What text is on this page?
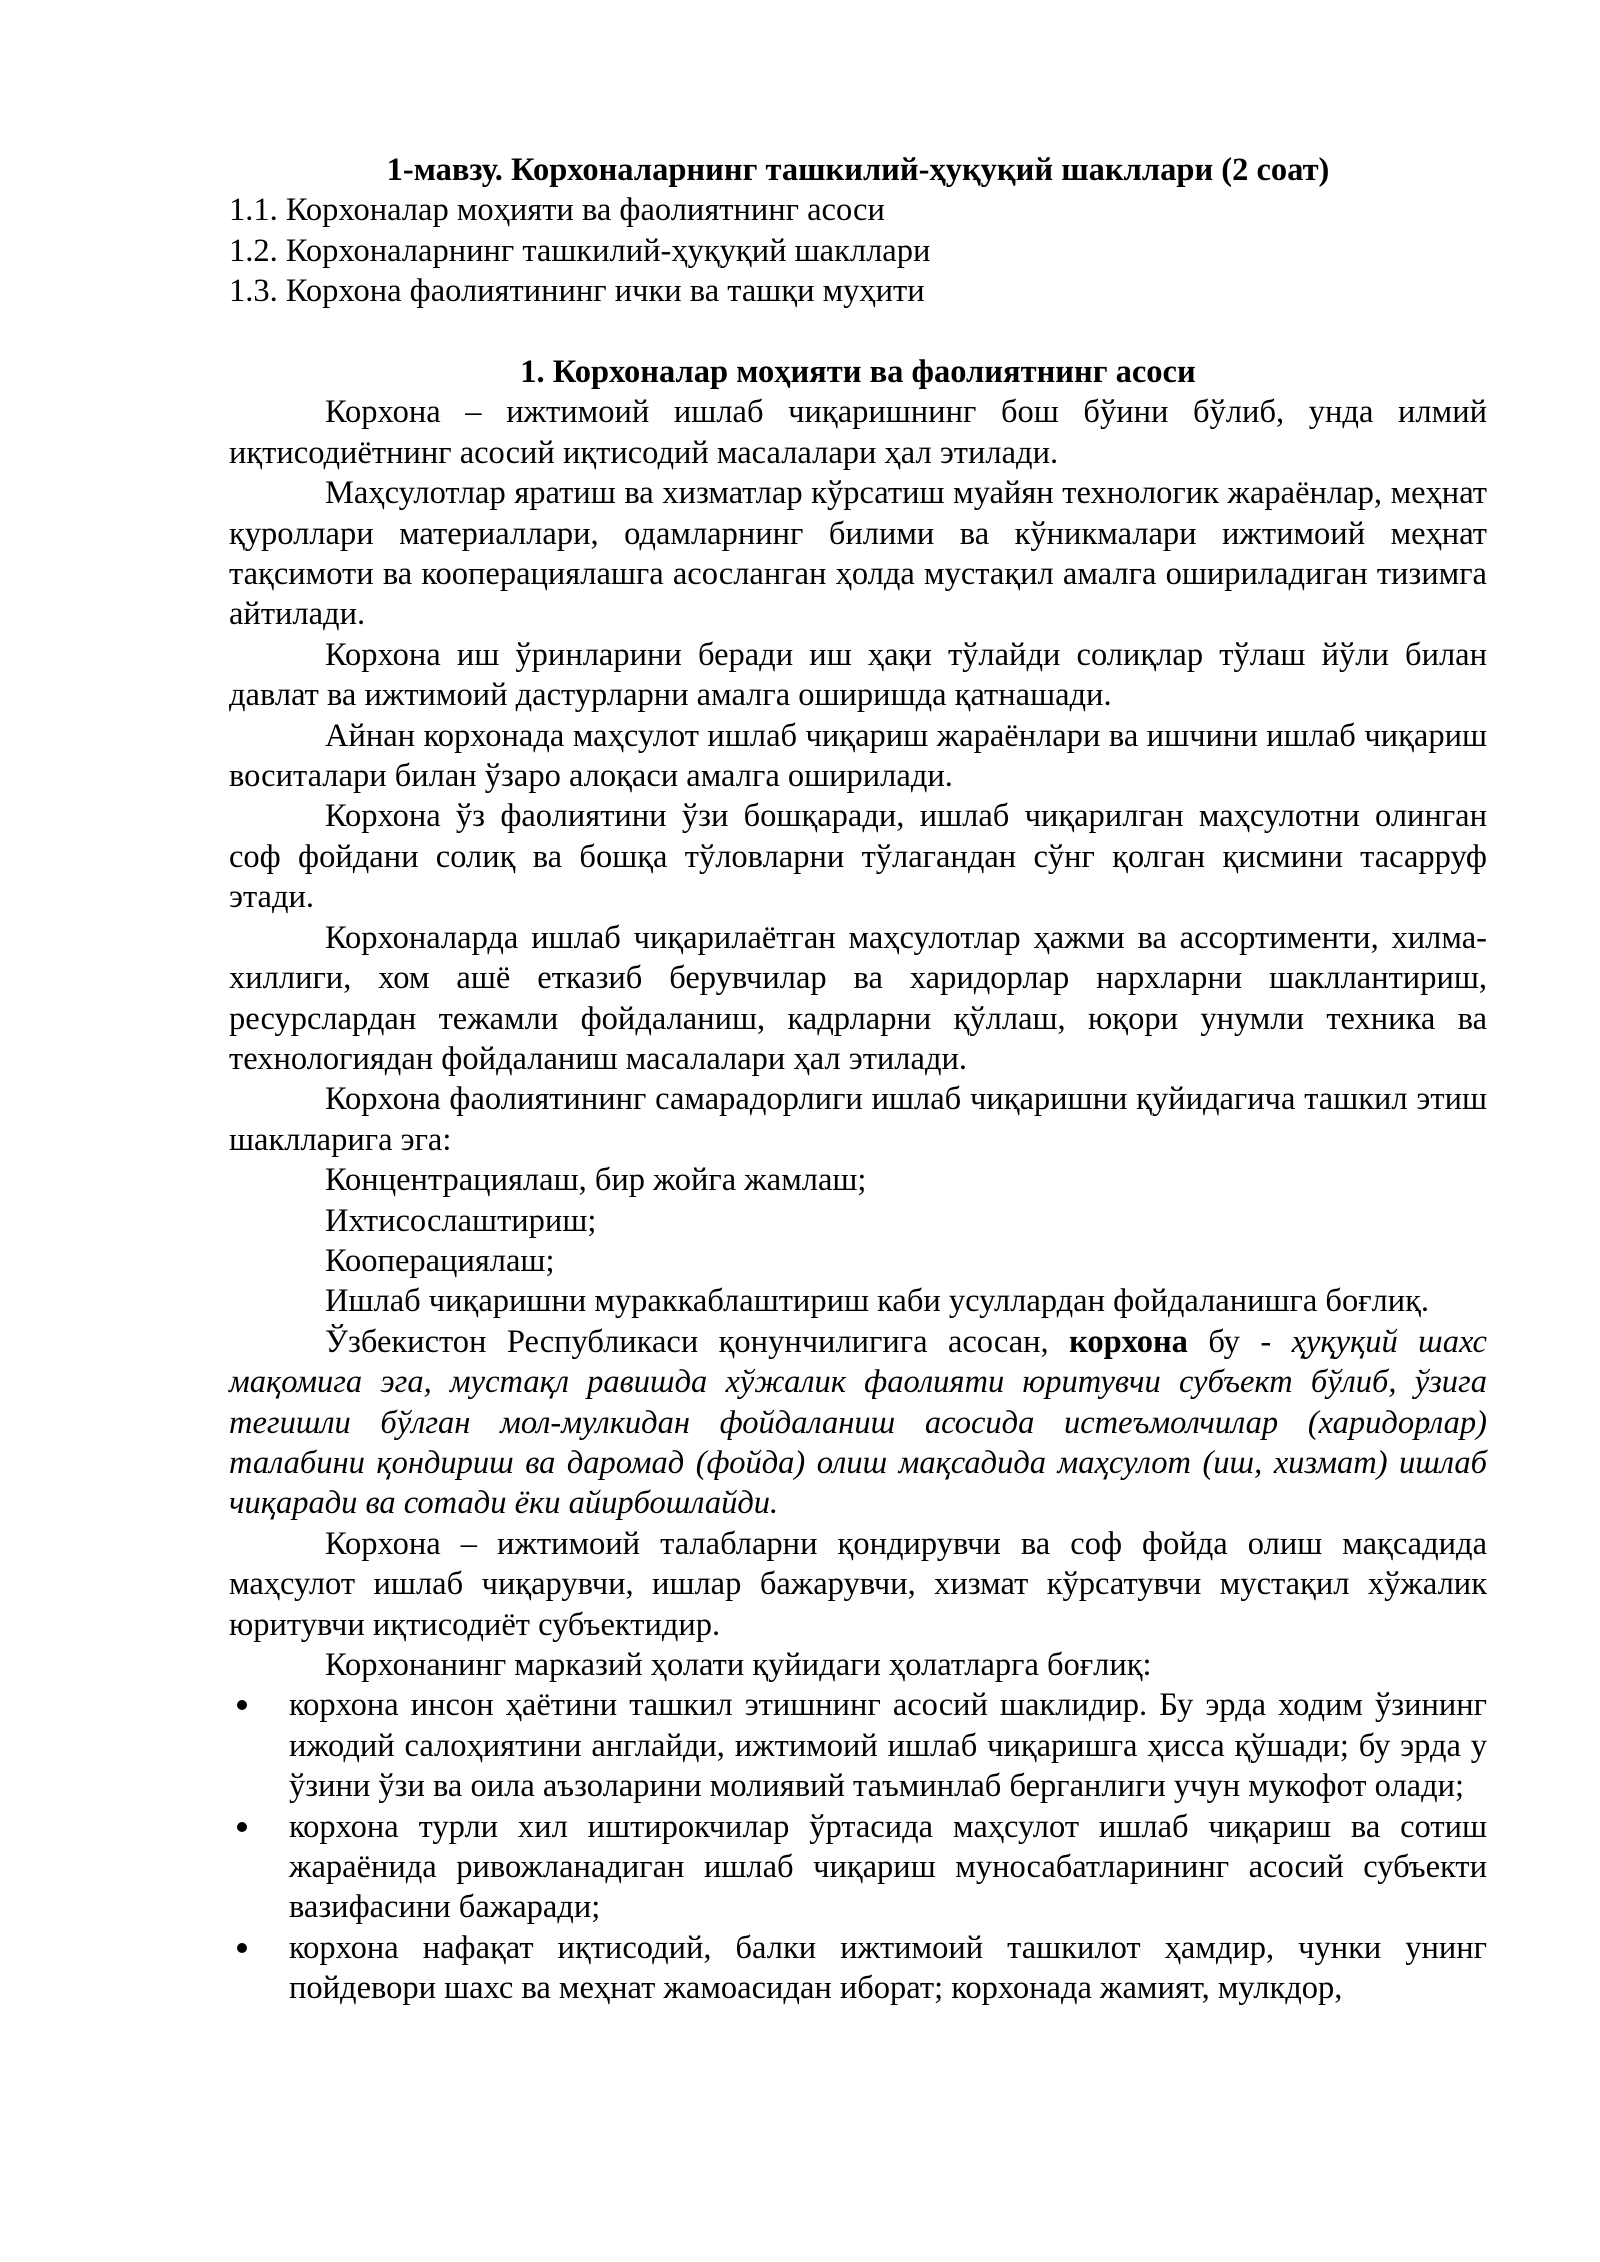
1-мавзу. Корхоналарнинг ташкилий-ҳуқуқий шакллари (2 соат)

1.1. Корхоналар моҳияти ва фаолиятнинг асоси

1.2. Корхоналарнинг ташкилий-ҳуқуқий шакллари

1.3. Корхона фаолиятининг ички ва ташқи муҳити

1. Корхоналар моҳияти ва фаолиятнинг асоси

Корхона – ижтимоий ишлаб чиқаришнинг бош бўини бўлиб, унда илмий иқтисодиётнинг асосий иқтисодий масалалари ҳал этилади.

Маҳсулотлар яратиш ва хизматлар кўрсатиш муайян технологик жараёнлар, меҳнат қуроллари материаллари, одамларнинг билими ва кўникмалари ижтимоий меҳнат тақсимоти ва кооперациялашга асосланган ҳолда мустақил амалга ошириладиган тизимга айтилади.

Корхона иш ўринларини беради иш ҳақи тўлайди солиқлар тўлаш йўли билан давлат ва ижтимоий дастурларни амалга оширишда қатнашади.

Айнан корхонада маҳсулот ишлаб чиқариш жараёнлари ва ишчини ишлаб чиқариш воситалари билан ўзаро алоқаси амалга оширилади.

Корхона ўз фаолиятини ўзи бошқаради, ишлаб чиқарилган маҳсулотни олинган соф фойдани солиқ ва бошқа тўловларни тўлагандан сўнг қолган қисмини тасарруф этади.

Корхоналарда ишлаб чиқарилаётган маҳсулотлар ҳажми ва ассортименти, хилма-хиллиги, хом ашё етказиб берувчилар ва харидорлар нархларни шакллантириш, ресурслардан тежамли фойдаланиш, кадрларни қўллаш, юқори унумли техника ва технологиядан фойдаланиш масалалари ҳал этилади.

Корхона фаолиятининг самарадорлиги ишлаб чиқаришни қуйидагича ташкил этиш шаклларига эга:

Концентрациялаш, бир жойга жамлаш;

Ихтисослаштириш;

Кооперациялаш;

Ишлаб чиқаришни мураккаблаштириш каби усуллардан фойдаланишга боғлиқ.

Ўзбекистон Республикаси қонунчилигига асосан, корхона бу - ҳуқуқий шахс мақомига эга, мустақл равишда хўжалик фаолияти юритувчи субъект бўлиб, ўзига тегишли бўлган мол-мулкидан фойдаланиш асосида истеъмолчилар (харидорлар) талабини қондириш ва даромад (фойда) олиш мақсадида маҳсулот (иш, хизмат) ишлаб чиқаради ва сотади ёки айирбошлайди.

Корхона – ижтимоий талабларни қондирувчи ва соф фойда олиш мақсадида маҳсулот ишлаб чиқарувчи, ишлар бажарувчи, хизмат кўрсатувчи мустақил хўжалик юритувчи иқтисодиёт субъектидир.

Корхонанинг марказий ҳолати қуйидаги ҳолатларга боғлиқ:

корхона инсон ҳаётини ташкил этишнинг асосий шаклидир. Бу эрда ходим ўзининг ижодий салоҳиятини англайди, ижтимоий ишлаб чиқаришга ҳисса қўшади; бу эрда у ўзини ўзи ва оила аъзоларини молиявий таъминлаб берганлиги учун мукофот олади;
корхона турли хил иштирокчилар ўртасида маҳсулот ишлаб чиқариш ва сотиш жараёнида ривожланадиган ишлаб чиқариш муносабатларининг асосий субъекти вазифасини бажаради;
корхона нафақат иқтисодий, балки ижтимоий ташкилот ҳамдир, чунки унинг пойдевори шахс ва меҳнат жамоасидан иборат; корхонада жамият, мулкдор,
